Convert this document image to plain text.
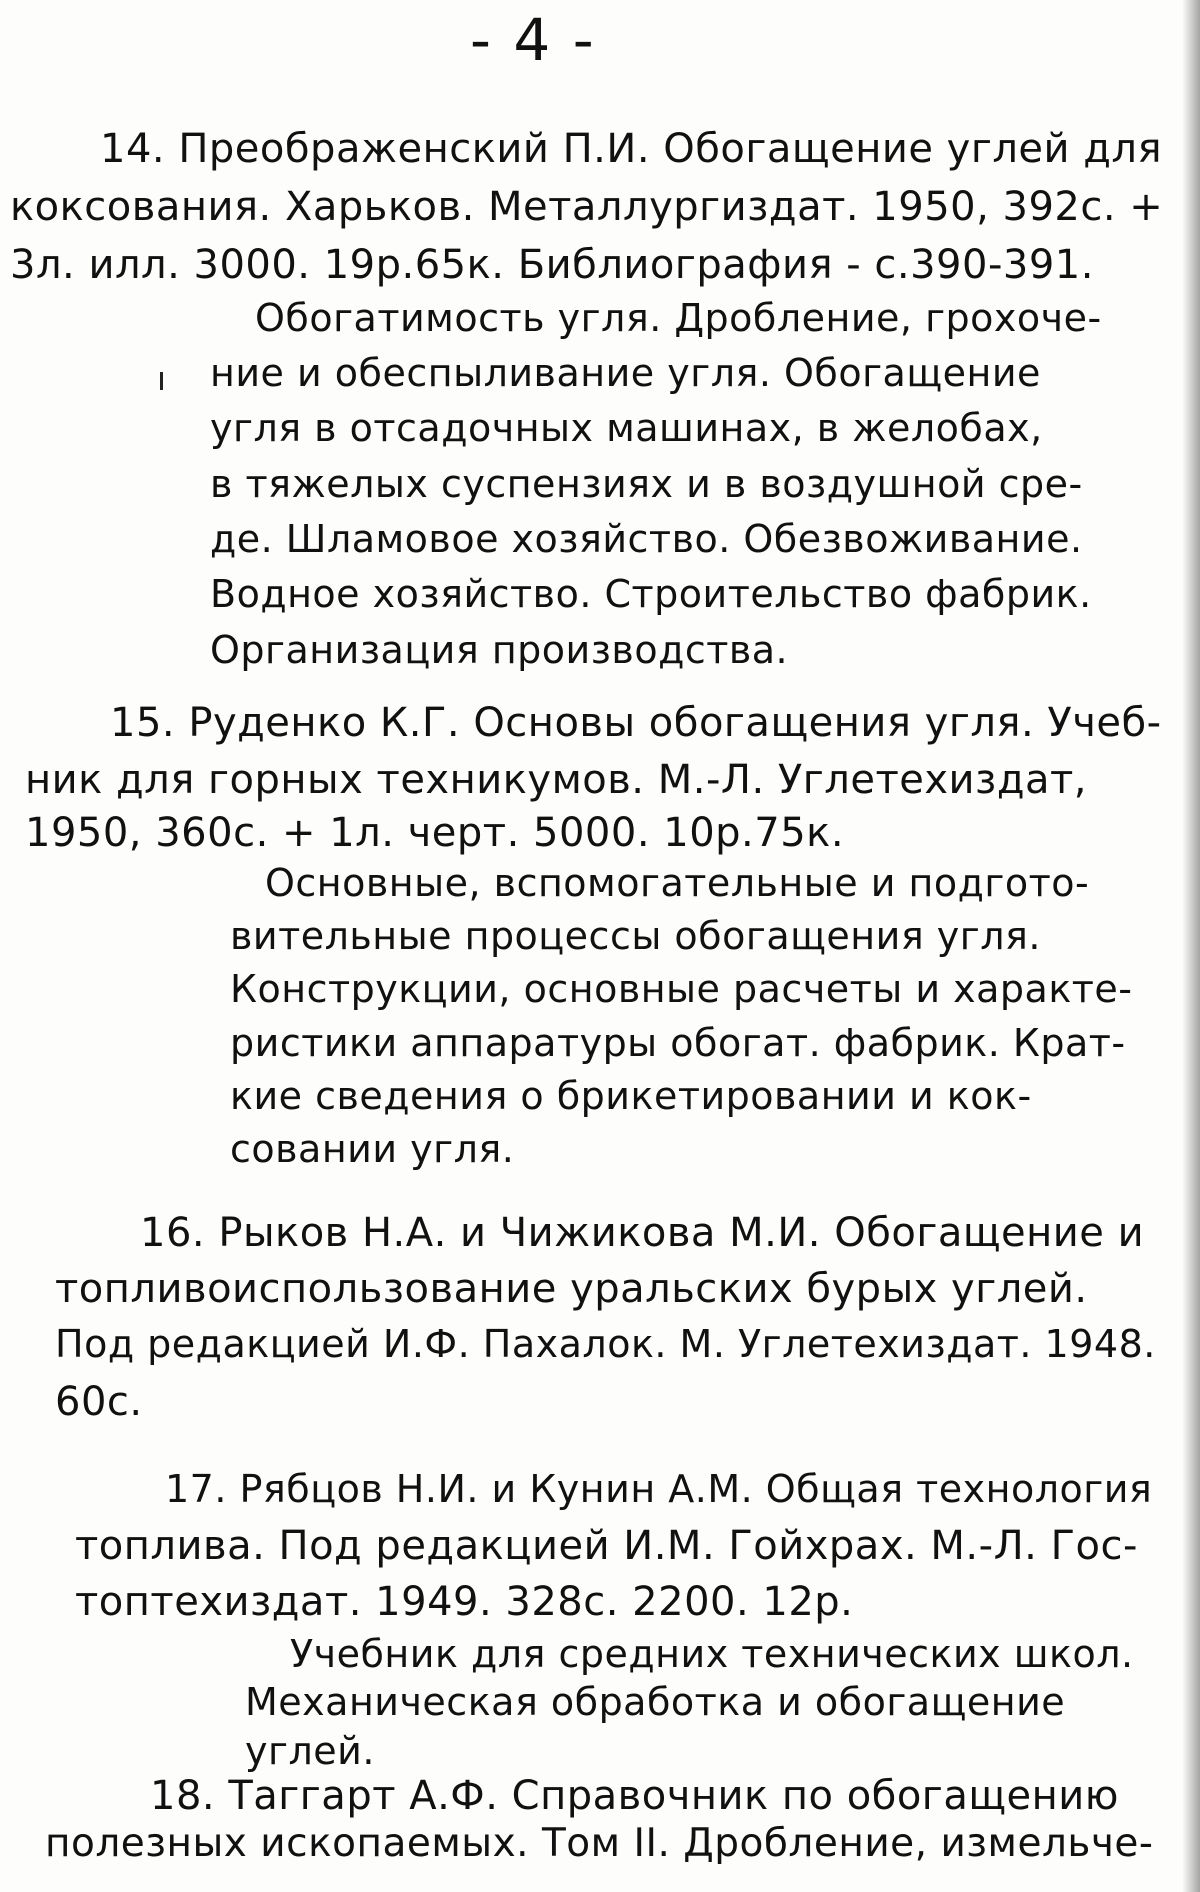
- 4 -
14. Преображенский П.И. Обогащение углей для
коксования. Харьков. Металлургиздат. 1950, 392с. +
3л. илл. 3000. 19р.65к. Библиография - с.390-391.
Обогатимость угля. Дробление, грохоче-
ние и обеспыливание угля. Обогащение
угля в отсадочных машинах, в желобах,
в тяжелых суспензиях и в воздушной сре-
де. Шламовое хозяйство. Обезвоживание.
Водное хозяйство. Строительство фабрик.
Организация производства.
15. Руденко К.Г. Основы обогащения угля. Учеб-
ник для горных техникумов. М.-Л. Углетехиздат,
1950, 360с. + 1л. черт. 5000. 10р.75к.
Основные, вспомогательные и подгото-
вительные процессы обогащения угля.
Конструкции, основные расчеты и характе-
ристики аппаратуры обогат. фабрик. Крат-
кие сведения о брикетировании и кок-
совании угля.
16. Рыков Н.А. и Чижикова М.И. Обогащение и
топливоиспользование уральских бурых углей.
Под редакцией И.Ф. Пахалок. М. Углетехиздат. 1948.
60с.
17. Рябцов Н.И. и Кунин А.М. Общая технология
топлива. Под редакцией И.М. Гойхрах. М.-Л. Гос-
топтехиздат. 1949. 328с. 2200. 12р.
Учебник для средних технических школ.
Механическая обработка и обогащение
углей.
18. Таггарт А.Ф. Справочник по обогащению
полезных ископаемых. Том II. Дробление, измельче-
